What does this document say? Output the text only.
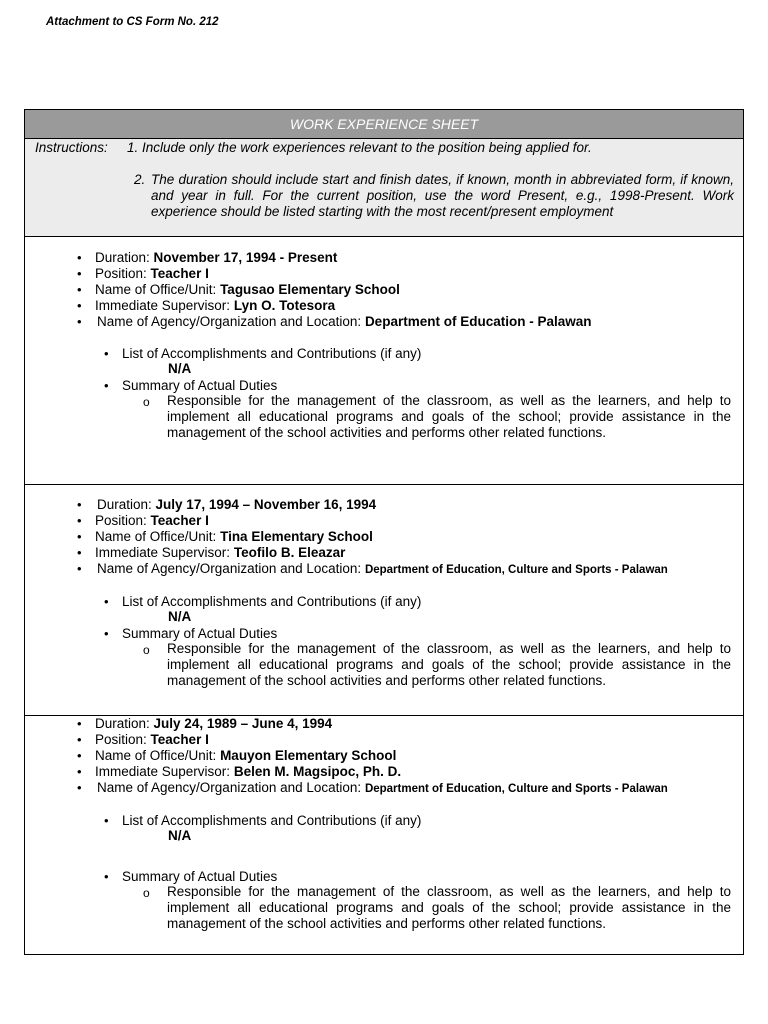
Attachment to CS Form No. 212
WORK EXPERIENCE SHEET
Instructions: 1. Include only the work experiences relevant to the position being applied for.
2. The duration should include start and finish dates, if known, month in abbreviated form, if known, and year in full. For the current position, use the word Present, e.g., 1998-Present. Work experience should be listed starting with the most recent/present employment
• Duration: November 17, 1994 - Present
• Position: Teacher I
• Name of Office/Unit: Tagusao Elementary School
• Immediate Supervisor: Lyn O. Totesora
• Name of Agency/Organization and Location: Department of Education - Palawan
• List of Accomplishments and Contributions (if any)
N/A
• Summary of Actual Duties
o Responsible for the management of the classroom, as well as the learners, and help to implement all educational programs and goals of the school; provide assistance in the management of the school activities and performs other related functions.
• Duration: July 17, 1994 – November 16, 1994
• Position: Teacher I
• Name of Office/Unit: Tina Elementary School
• Immediate Supervisor: Teofilo B. Eleazar
• Name of Agency/Organization and Location: Department of Education, Culture and Sports - Palawan
• List of Accomplishments and Contributions (if any)
N/A
• Summary of Actual Duties
o Responsible for the management of the classroom, as well as the learners, and help to implement all educational programs and goals of the school; provide assistance in the management of the school activities and performs other related functions.
• Duration: July 24, 1989 – June 4, 1994
• Position: Teacher I
• Name of Office/Unit: Mauyon Elementary School
• Immediate Supervisor: Belen M. Magsipoc, Ph. D.
• Name of Agency/Organization and Location: Department of Education, Culture and Sports - Palawan
• List of Accomplishments and Contributions (if any)
N/A
• Summary of Actual Duties
o Responsible for the management of the classroom, as well as the learners, and help to implement all educational programs and goals of the school; provide assistance in the management of the school activities and performs other related functions.
